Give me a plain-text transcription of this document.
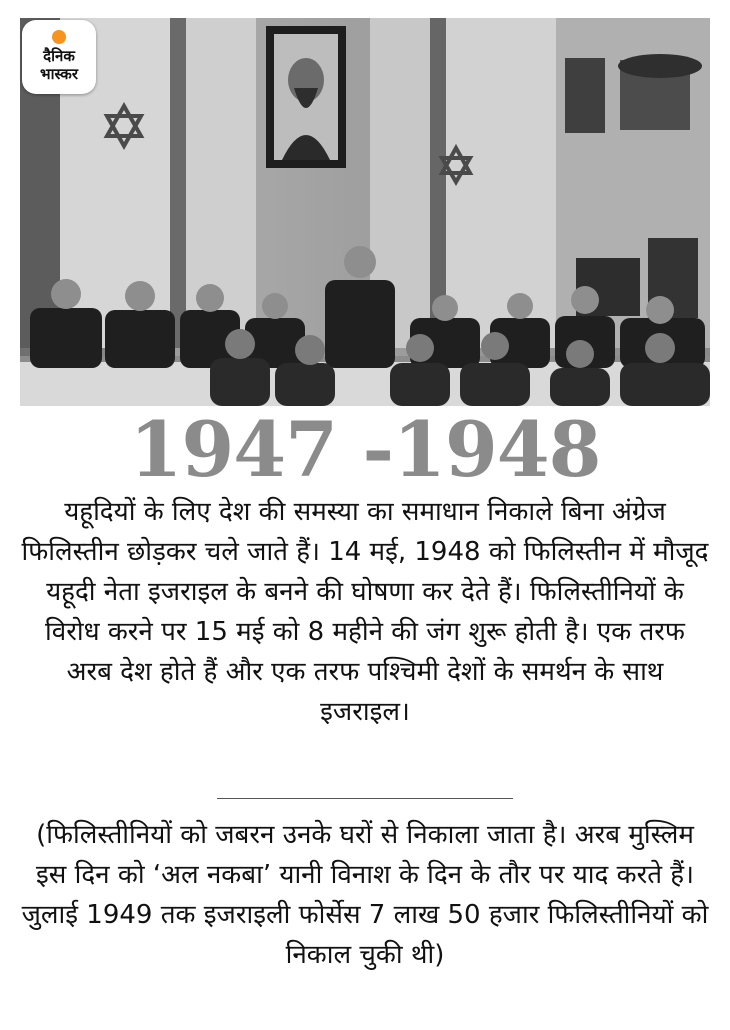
दैनिक
भास्कर
1947 -1948
यहूदियों के लिए देश की समस्या का समाधान निकाले बिना अंग्रेज फिलिस्तीन छोड़कर चले जाते हैं। 14 मई, 1948 को फिलिस्तीन में मौजूद यहूदी नेता इजराइल के बनने की घोषणा कर देते हैं। फिलिस्तीनियों के विरोध करने पर 15 मई को 8 महीने की जंग शुरू होती है। एक तरफ अरब देश होते हैं और एक तरफ पश्चिमी देशों के समर्थन के साथ इजराइल।
(फिलिस्तीनियों को जबरन उनके घरों से निकाला जाता है। अरब मुस्लिम इस दिन को ‘अल नकबा’ यानी विनाश के दिन के तौर पर याद करते हैं। जुलाई 1949 तक इजराइली फोर्सेस 7 लाख 50 हजार फिलिस्तीनियों को निकाल चुकी थी)
